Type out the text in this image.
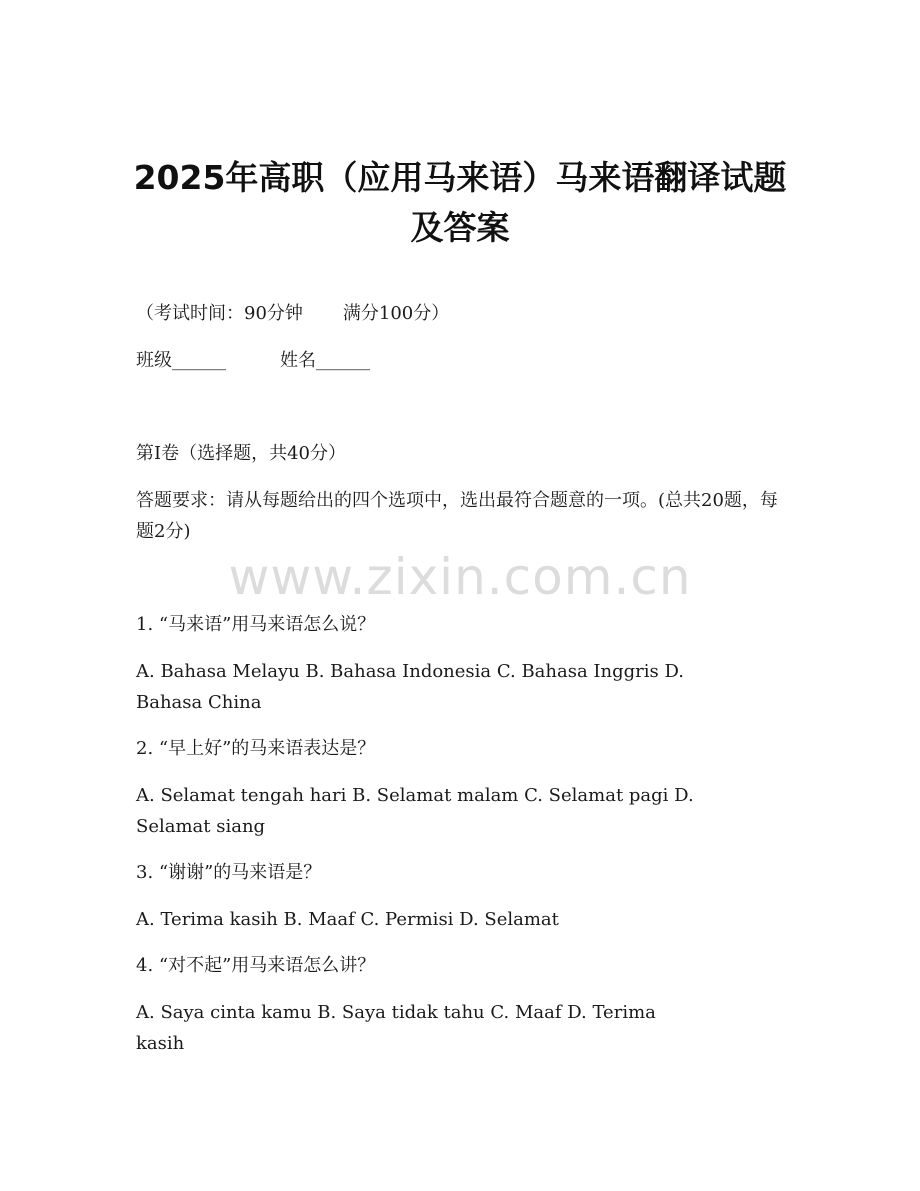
2025年高职（应用马来语）马来语翻译试题
及答案
（考试时间：90分钟 满分100分）
班级______	姓名______
第I卷（选择题，共40分）
答题要求：请从每题给出的四个选项中，选出最符合题意的一项。(总共20题，每题2分)
www.zixin.com.cn
1. “马来语”用马来语怎么说？
A. Bahasa Melayu B. Bahasa Indonesia C. Bahasa Inggris D.
Bahasa China
2. “早上好”的马来语表达是？
A. Selamat tengah hari B. Selamat malam C. Selamat pagi D.
Selamat siang
3. “谢谢”的马来语是？
A. Terima kasih B. Maaf C. Permisi D. Selamat
4. “对不起”用马来语怎么讲？
A. Saya cinta kamu B. Saya tidak tahu C. Maaf D. Terima
kasih
